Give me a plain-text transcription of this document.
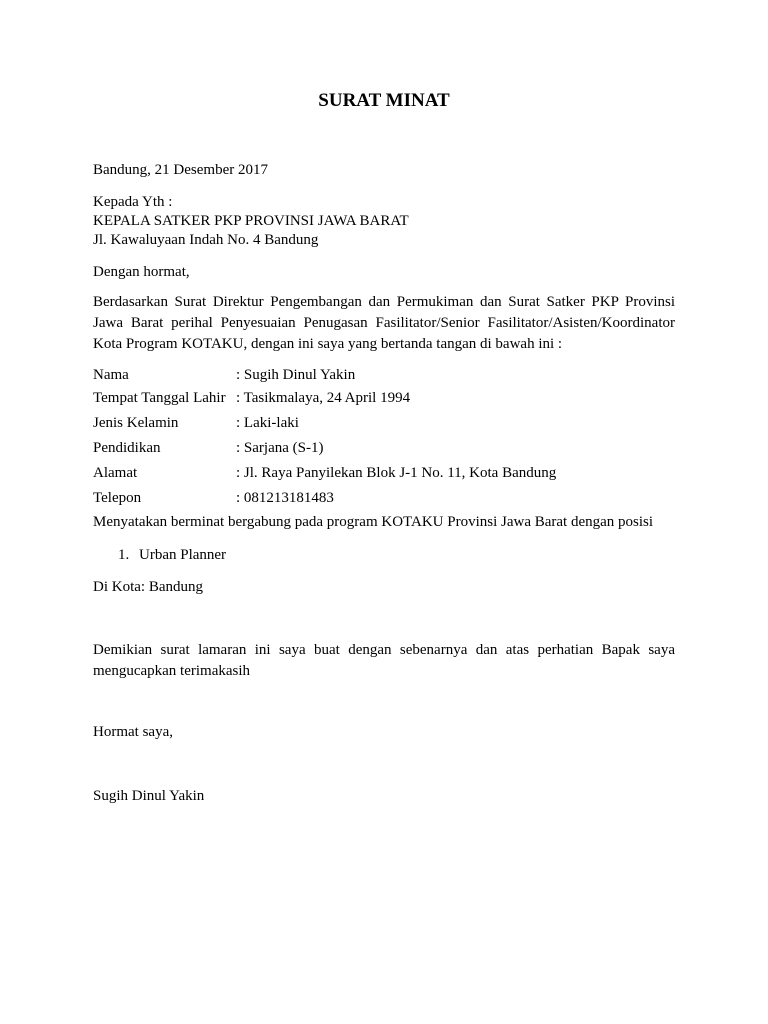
SURAT MINAT
Bandung, 21 Desember 2017
Kepada Yth :
KEPALA SATKER PKP PROVINSI JAWA BARAT
Jl. Kawaluyaan Indah No. 4 Bandung
Dengan hormat,
Berdasarkan Surat Direktur Pengembangan dan Permukiman dan Surat Satker PKP Provinsi Jawa Barat perihal Penyesuaian Penugasan Fasilitator/Senior Fasilitator/Asisten/Koordinator Kota Program KOTAKU, dengan ini saya yang bertanda tangan di bawah ini :
Nama	: Sugih Dinul Yakin
Tempat Tanggal Lahir : Tasikmalaya, 24 April 1994
Jenis Kelamin	: Laki-laki
Pendidikan	: Sarjana (S-1)
Alamat	: Jl. Raya Panyilekan Blok J-1 No. 11, Kota Bandung
Telepon	: 081213181483
Menyatakan berminat bergabung pada program KOTAKU Provinsi Jawa Barat dengan posisi
1. Urban Planner
Di Kota: Bandung
Demikian surat lamaran ini saya buat dengan sebenarnya dan atas perhatian Bapak saya mengucapkan terimakasih
Hormat saya,
Sugih Dinul Yakin
